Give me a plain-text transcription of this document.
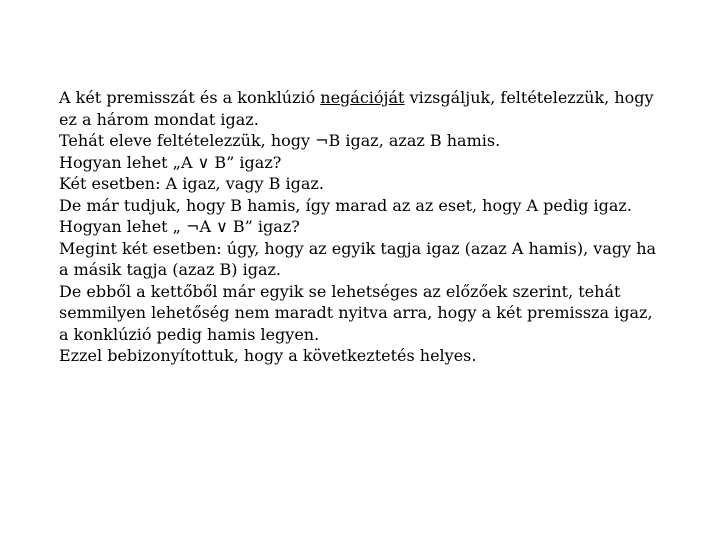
A két premisszát és a konklúzió negációját vizsgáljuk, feltételezzük, hogy ez a három mondat igaz.
Tehát eleve feltételezzük, hogy ¬B igaz, azaz B hamis.
Hogyan lehet „A ∨ B” igaz?
Két esetben: A igaz, vagy B igaz.
De már tudjuk, hogy B hamis, így marad az az eset, hogy A pedig igaz.
Hogyan lehet „ ¬A ∨ B” igaz?
Megint két esetben: úgy, hogy az egyik tagja igaz (azaz A hamis), vagy ha a másik tagja (azaz B) igaz.
De ebből a kettőből már egyik se lehetséges az előzőek szerint, tehát semmilyen lehetőség nem maradt nyitva arra, hogy a két premissza igaz, a konklúzió pedig hamis legyen.
Ezzel bebizonyítottuk, hogy a következtetés helyes.
